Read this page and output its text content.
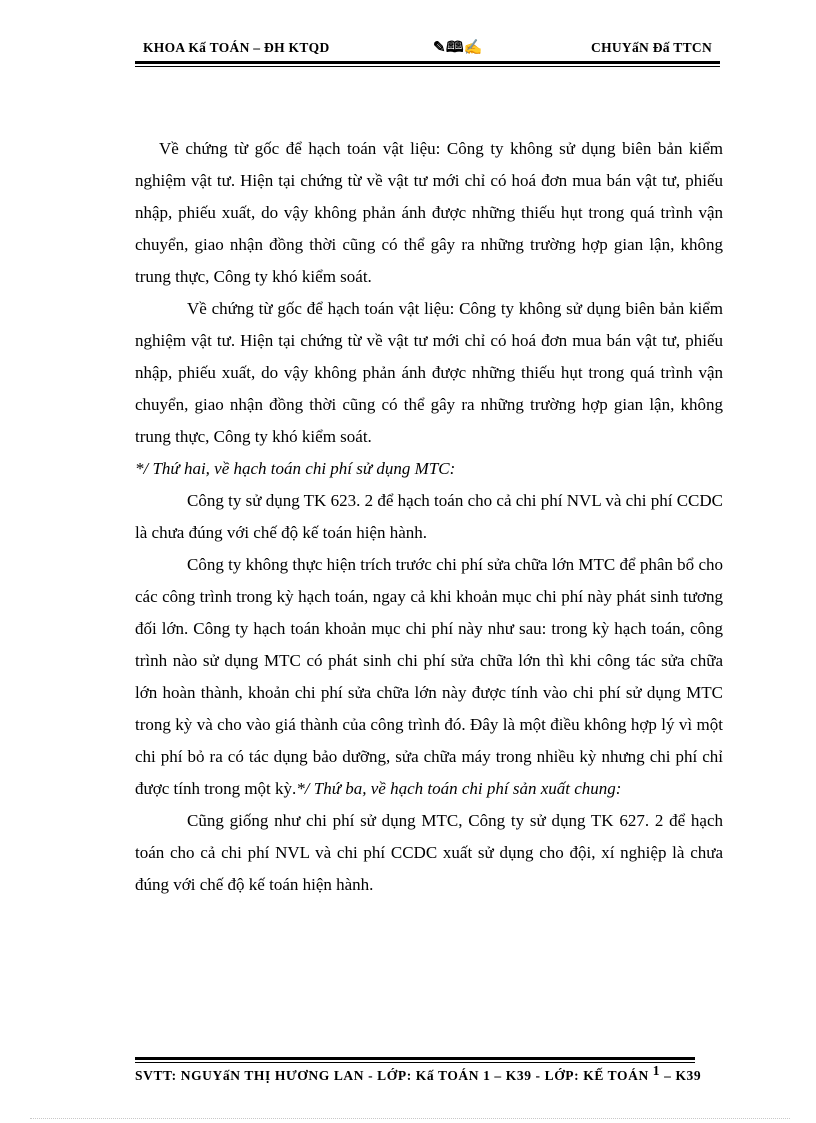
KHOA Kấ TOÁN – ĐH KTQD	✎🕮✍	CHUYấN Đấ TTCN

Về chứng từ gốc để hạch toán vật liệu: Công ty không sử dụng biên bản kiểm nghiệm vật tư. Hiện tại chứng từ về vật tư mới chỉ có hoá đơn mua bán vật tư, phiếu nhập, phiếu xuất, do vậy không phản ánh được những thiếu hụt trong quá trình vận chuyển, giao nhận đồng thời cũng có thể gây ra những trường hợp gian lận, không trung thực, Công ty khó kiểm soát.

Về chứng từ gốc để hạch toán vật liệu: Công ty không sử dụng biên bản kiểm nghiệm vật tư. Hiện tại chứng từ về vật tư mới chỉ có hoá đơn mua bán vật tư, phiếu nhập, phiếu xuất, do vậy không phản ánh được những thiếu hụt trong quá trình vận chuyển, giao nhận đồng thời cũng có thể gây ra những trường hợp gian lận, không trung thực, Công ty khó kiểm soát.

*/ Thứ hai, về hạch toán chi phí sử dụng MTC:

Công ty sử dụng TK 623. 2 để hạch toán cho cả chi phí NVL và chi phí CCDC là chưa đúng với chế độ kế toán hiện hành.

Công ty không thực hiện trích trước chi phí sửa chữa lớn MTC để phân bổ cho các công trình trong kỳ hạch toán, ngay cả khi khoản mục chi phí này phát sinh tương đối lớn. Công ty hạch toán khoản mục chi phí này như sau: trong kỳ hạch toán, công trình nào sử dụng MTC có phát sinh chi phí sửa chữa lớn thì khi công tác sửa chữa lớn hoàn thành, khoản chi phí sửa chữa lớn này được tính vào chi phí sử dụng MTC trong kỳ và cho vào giá thành của công trình đó. Đây là một điều không hợp lý vì một chi phí bỏ ra có tác dụng bảo dưỡng, sửa chữa máy trong nhiều kỳ nhưng chi phí chỉ được tính trong một kỳ.*/ Thứ ba, về hạch toán chi phí sản xuất chung:

Cũng giống như chi phí sử dụng MTC, Công ty sử dụng TK 627. 2 để hạch toán cho cả chi phí NVL và chi phí CCDC xuất sử dụng cho đội, xí nghiệp là chưa đúng với chế độ kế toán hiện hành.

SVTT: NGUYấN THỊ HƯƠNG LAN - LỚP: Kấ TOÁN 1 – K39 - LỚP: KẾ TOÁN 1 – K39
